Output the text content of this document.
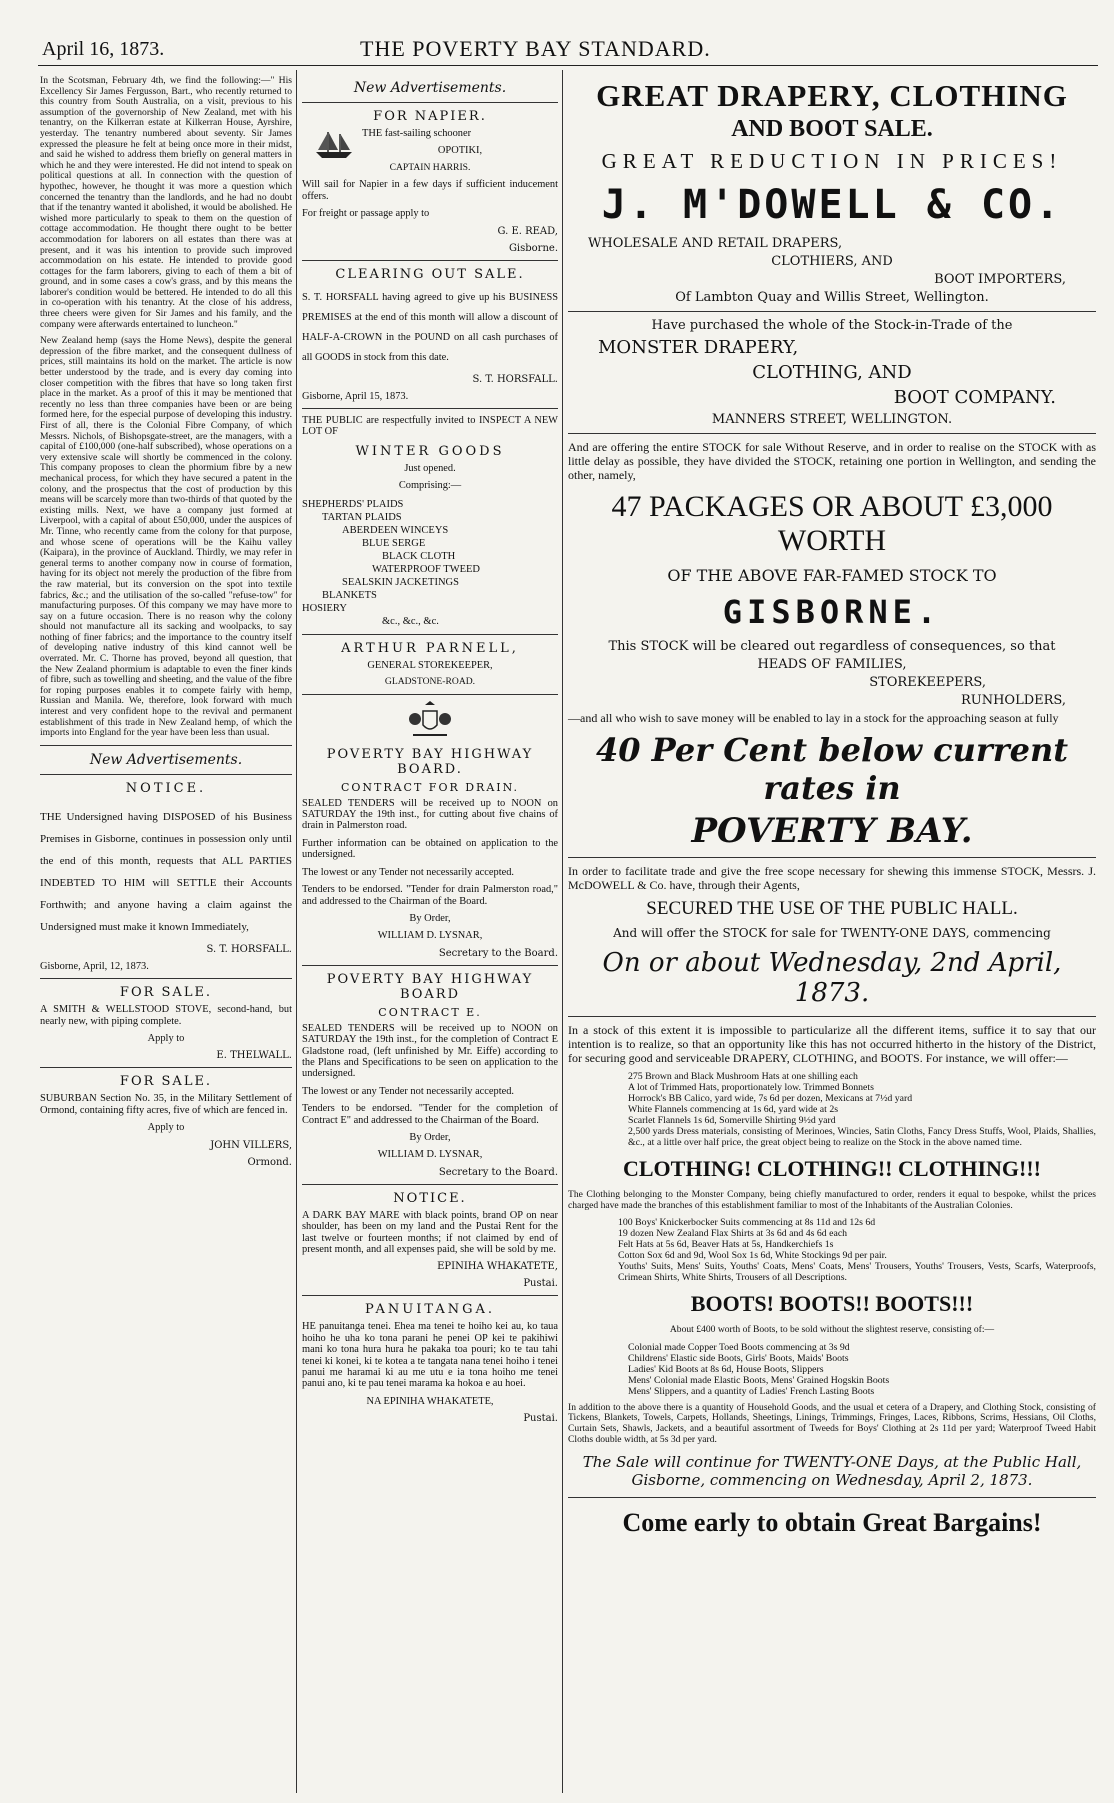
April 16, 1873.	THE POVERTY BAY STANDARD.

In the Scotsman, February 4th, we find the following:—" His Excellency Sir James Fergusson, Bart., who recently returned to this country from South Australia, on a visit, previous to his assumption of the governorship of New Zealand, met with his tenantry, on the Kilkerran estate at Kilkerran House, Ayrshire, yesterday. The tenantry numbered about seventy. Sir James expressed the pleasure he felt at being once more in their midst, and said he wished to address them briefly on general matters in which he and they were interested. He did not intend to speak on political questions at all. In connection with the question of hypothec, however, he thought it was more a question which concerned the tenantry than the landlords, and he had no doubt that if the tenantry wanted it abolished, it would be abolished. He wished more particularly to speak to them on the question of cottage accommodation. He thought there ought to be better accommodation for laborers on all estates than there was at present, and it was his intention to provide such improved accommodation on his estate. He intended to provide good cottages for the farm laborers, giving to each of them a bit of ground, and in some cases a cow's grass, and by this means the laborer's condition would be bettered. He intended to do all this in co-operation with his tenantry. At the close of his address, three cheers were given for Sir James and his family, and the company were afterwards entertained to luncheon."

New Zealand hemp (says the Home News), despite the general depression of the fibre market, and the consequent dullness of prices, still maintains its hold on the market. The article is now better understood by the trade, and is every day coming into closer competition with the fibres that have so long taken first place in the market. As a proof of this it may be mentioned that recently no less than three companies have been or are being formed here, for the especial purpose of developing this industry. First of all, there is the Colonial Fibre Company, of which Messrs. Nichols, of Bishopsgate-street, are the managers, with a capital of £100,000 (one-half subscribed), whose operations on a very extensive scale will shortly be commenced in the colony. This company proposes to clean the phormium fibre by a new mechanical process, for which they have secured a patent in the colony, and the prospectus that the cost of production by this means will be scarcely more than two-thirds of that quoted by the existing mills. Next, we have a company just formed at Liverpool, with a capital of about £50,000, under the auspices of Mr. Tinne, who recently came from the colony for that purpose, and whose scene of operations will be the Kaihu valley (Kaipara), in the province of Auckland. Thirdly, we may refer in general terms to another company now in course of formation, having for its object not merely the production of the fibre from the raw material, but its conversion on the spot into textile fabrics, &c.; and the utilisation of the so-called "refuse-tow" for manufacturing purposes. Of this company we may have more to say on a future occasion. There is no reason why the colony should not manufacture all its sacking and woolpacks, to say nothing of finer fabrics; and the importance to the country itself of developing native industry of this kind cannot well be overrated. Mr. C. Thorne has proved, beyond all question, that the New Zealand phormium is adaptable to even the finer kinds of fibre, such as towelling and sheeting, and the value of the fibre for roping purposes enables it to compete fairly with hemp, Russian and Manila. We, therefore, look forward with much interest and very confident hope to the revival and permanent establishment of this trade in New Zealand hemp, of which the imports into England for the year have been less than usual.

New Advertisements.
NOTICE.

THE Undersigned having DISPOSED of his Business Premises in Gisborne, continues in possession only until the end of this month, requests that ALL PARTIES INDEBTED TO HIM will SETTLE their Accounts Forthwith; and anyone having a claim against the Undersigned must make it known Immediately,

S. T. HORSFALL.

Gisborne, April, 12, 1873.

FOR SALE.

A SMITH & WELLSTOOD STOVE, second-hand, but nearly new, with piping complete.

Apply to

E. THELWALL.
FOR SALE.

SUBURBAN Section No. 35, in the Military Settlement of Ormond, containing fifty acres, five of which are fenced in.

Apply to

JOHN VILLERS,
Ormond.
New Advertisements.
FOR NAPIER.

THE fast-sailing schooner

OPOTIKI,

CAPTAIN HARRIS.

Will sail for Napier in a few days if sufficient inducement offers.

For freight or passage apply to

G. E. READ,
Gisborne.
CLEARING OUT SALE.

S. T. HORSFALL having agreed to give up his BUSINESS PREMISES at the end of this month will allow a discount of HALF-A-CROWN in the POUND on all cash purchases of all GOODS in stock from this date.

S. T. HORSFALL.

Gisborne, April 15, 1873.

THE PUBLIC are respectfully invited to INSPECT A NEW LOT OF

WINTER GOODS

Just opened.

Comprising:—

SHEPHERDS' PLAIDS

TARTAN PLAIDS

ABERDEEN WINCEYS

BLUE SERGE

BLACK CLOTH

WATERPROOF TWEED

SEALSKIN JACKETINGS

BLANKETS

HOSIERY

&c., &c., &c.

ARTHUR PARNELL,

GENERAL STOREKEEPER,

GLADSTONE-ROAD.

POVERTY BAY HIGHWAY BOARD.
CONTRACT FOR DRAIN.

SEALED TENDERS will be received up to NOON on SATURDAY the 19th inst., for cutting about five chains of drain in Palmerston road.

Further information can be obtained on application to the undersigned.

The lowest or any Tender not necessarily accepted.

Tenders to be endorsed. "Tender for drain Palmerston road," and addressed to the Chairman of the Board.

By Order,

WILLIAM D. LYSNAR,

Secretary to the Board.
POVERTY BAY HIGHWAY BOARD
CONTRACT E.

SEALED TENDERS will be received up to NOON on SATURDAY the 19th inst., for the completion of Contract E Gladstone road, (left unfinished by Mr. Eiffe) according to the Plans and Specifications to be seen on application to the undersigned.

The lowest or any Tender not necessarily accepted.

Tenders to be endorsed. "Tender for the completion of Contract E" and addressed to the Chairman of the Board.

By Order,

WILLIAM D. LYSNAR,

Secretary to the Board.
NOTICE.

A DARK BAY MARE with black points, brand OP on near shoulder, has been on my land and the Pustai Rent for the last twelve or fourteen months; if not claimed by end of present month, and all expenses paid, she will be sold by me.

EPINIHA WHAKATETE,
Pustai.
PANUITANGA.

HE panuitanga tenei. Ehea ma tenei te hoiho kei au, ko taua hoiho he uha ko tona parani he penei OP kei te pakihiwi mani ko tona hura hura he pakaka toa pouri; ko te tau tahi tenei ki konei, ki te kotea a te tangata nana tenei hoiho i tenei panui me haramai ki au me utu e ia tona hoiho me tenei panui ano, ki te pau tenei marama ka hokoa e au hoei.

NA EPINIHA WHAKATETE,

Pustai.
GREAT DRAPERY, CLOTHING
AND BOOT SALE.
GREAT REDUCTION IN PRICES!
J. M'DOWELL & CO.
WHOLESALE AND RETAIL DRAPERS,
CLOTHIERS, AND
BOOT IMPORTERS,
Of Lambton Quay and Willis Street, Wellington.
Have purchased the whole of the Stock-in-Trade of the
MONSTER DRAPERY,
CLOTHING, AND
BOOT COMPANY.
MANNERS STREET, WELLINGTON.

And are offering the entire STOCK for sale Without Reserve, and in order to realise on the STOCK with as little delay as possible, they have divided the STOCK, retaining one portion in Wellington, and sending the other, namely,

47 PACKAGES OR ABOUT £3,000 WORTH
OF THE ABOVE FAR-FAMED STOCK TO
GISBORNE.
This STOCK will be cleared out regardless of consequences, so that
HEADS OF FAMILIES,
STOREKEEPERS,
RUNHOLDERS,

—and all who wish to save money will be enabled to lay in a stock for the approaching season at fully

40 Per Cent below current rates in
POVERTY BAY.

In order to facilitate trade and give the free scope necessary for shewing this immense STOCK, Messrs. J. McDOWELL & Co. have, through their Agents,

SECURED THE USE OF THE PUBLIC HALL.
And will offer the STOCK for sale for TWENTY-ONE DAYS, commencing
On or about Wednesday, 2nd April, 1873.

In a stock of this extent it is impossible to particularize all the different items, suffice it to say that our intention is to realize, so that an opportunity like this has not occurred hitherto in the history of the District, for securing good and serviceable DRAPERY, CLOTHING, and BOOTS. For instance, we will offer:—

275 Brown and Black Mushroom Hats at one shilling each

A lot of Trimmed Hats, proportionately low. Trimmed Bonnets

Horrock's BB Calico, yard wide, 7s 6d per dozen, Mexicans at 7½d yard

White Flannels commencing at 1s 6d, yard wide at 2s

Scarlet Flannels 1s 6d, Somerville Shirting 9½d yard

2,500 yards Dress materials, consisting of Merinoes, Wincies, Satin Cloths, Fancy Dress Stuffs, Wool, Plaids, Shallies, &c., at a little over half price, the great object being to realize on the Stock in the above named time.

CLOTHING! CLOTHING!! CLOTHING!!!

The Clothing belonging to the Monster Company, being chiefly manufactured to order, renders it equal to bespoke, whilst the prices charged have made the branches of this establishment familiar to most of the Inhabitants of the Australian Colonies.

100 Boys' Knickerbocker Suits commencing at 8s 11d and 12s 6d

19 dozen New Zealand Flax Shirts at 3s 6d and 4s 6d each

Felt Hats at 5s 6d, Beaver Hats at 5s, Handkerchiefs 1s

Cotton Sox 6d and 9d, Wool Sox 1s 6d, White Stockings 9d per pair.

Youths' Suits, Mens' Suits, Youths' Coats, Mens' Coats, Mens' Trousers, Youths' Trousers, Vests, Scarfs, Waterproofs, Crimean Shirts, White Shirts, Trousers of all Descriptions.

BOOTS! BOOTS!! BOOTS!!!

About £400 worth of Boots, to be sold without the slightest reserve, consisting of:—

Colonial made Copper Toed Boots commencing at 3s 9d

Childrens' Elastic side Boots, Girls' Boots, Maids' Boots

Ladies' Kid Boots at 8s 6d, House Boots, Slippers

Mens' Colonial made Elastic Boots, Mens' Grained Hogskin Boots

Mens' Slippers, and a quantity of Ladies' French Lasting Boots

In addition to the above there is a quantity of Household Goods, and the usual et cetera of a Drapery, and Clothing Stock, consisting of Tickens, Blankets, Towels, Carpets, Hollands, Sheetings, Linings, Trimmings, Fringes, Laces, Ribbons, Scrims, Hessians, Oil Cloths, Curtain Sets, Shawls, Jackets, and a beautiful assortment of Tweeds for Boys' Clothing at 2s 11d per yard; Waterproof Tweed Habit Cloths double width, at 5s 3d per yard.

The Sale will continue for TWENTY-ONE Days, at the Public Hall, Gisborne, commencing on Wednesday, April 2, 1873.
Come early to obtain Great Bargains!
